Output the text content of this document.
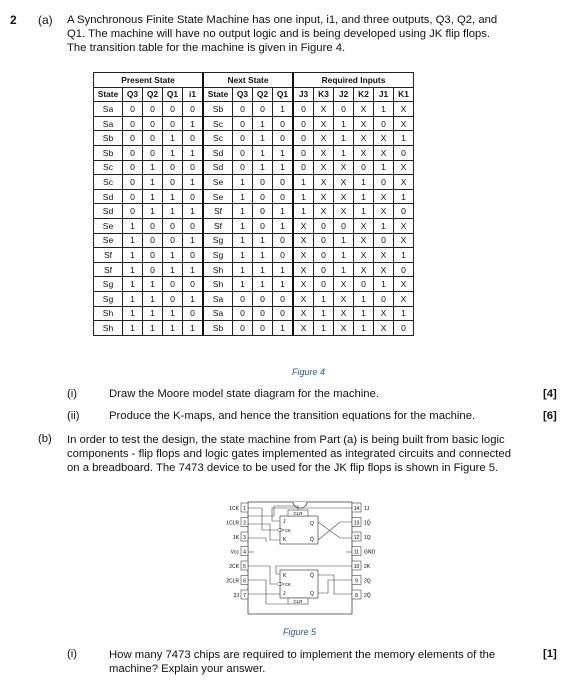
2 (a) A Synchronous Finite State Machine has one input, i1, and three outputs, Q3, Q2, and
Q1. The machine will have no output logic and is being developed using JK flip flops.
The transition table for the machine is given in Figure 4.
Present State					Next State				Required Inputs					
State	Q3	Q2	Q1	i1	State	Q3	Q2	Q1	J3	K3	J2	K2	J1	K1
Sa	0	0	0	0	Sb	0	0	1	0	X	0	X	1	X
Sa	0	0	0	1	Sc	0	1	0	0	X	1	X	0	X
Sb	0	0	1	0	Sc	0	1	0	0	X	1	X	X	1
Sb	0	0	1	1	Sd	0	1	1	0	X	1	X	X	0
Sc	0	1	0	0	Sd	0	1	1	0	X	X	0	1	X
Sc	0	1	0	1	Se	1	0	0	1	X	X	1	0	X
Sd	0	1	1	0	Se	1	0	0	1	X	X	1	X	1
Sd	0	1	1	1	Sf	1	0	1	1	X	X	1	X	0
Se	1	0	0	0	Sf	1	0	1	X	0	0	X	1	X
Se	1	0	0	1	Sg	1	1	0	X	0	1	X	0	X
Sf	1	0	1	0	Sg	1	1	0	X	0	1	X	X	1
Sf	1	0	1	1	Sh	1	1	1	X	0	1	X	X	0
Sg	1	1	0	0	Sh	1	1	1	X	0	X	0	1	X
Sg	1	1	0	1	Sa	0	0	0	X	1	X	1	0	X
Sh	1	1	1	0	Sa	0	0	0	X	1	X	1	X	1
Sh	1	1	1	1	Sb	0	0	1	X	1	X	1	X	0
Figure 4
(i)	Draw the Moore model state diagram for the machine.	[4]
(ii)	Produce the K-maps, and hence the transition equations for the machine.	[6]
(b) In order to test the design, the state machine from Part (a) is being built from basic logic
components - flip flops and logic gates implemented as integrated circuits and connected
on a breadboard. The 7473 device to be used for the JK flip flops is shown in Figure 5.
1
1CK
2
1CLR
3
1K
4
Vcc
5
2CK
6
2CLR
7
2J
14 1J
13 1Q̄
12 1Q
11 GND
10 2K
9 2Q
8 2Q̄
CLR
J
CK
K
Q
Q̄
CLR
K
CK
J
Q̄
Q
Figure 5
(i)	How many 7473 chips are required to implement the memory elements of the
machine? Explain your answer.
[1]
